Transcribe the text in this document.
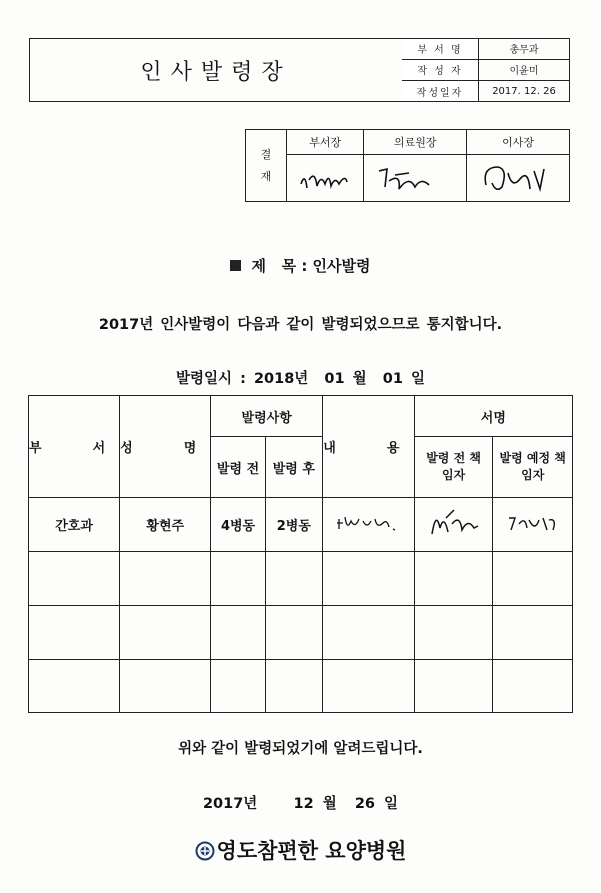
인사발령장
부 서 명	총무과
작 성 자	이윤미
작성일자	2017. 12. 26
결재	부서장	의료원장	이사장

제   목 : 인사발령
2017년 인사발령이 다음과 같이 발령되었으므로 통지합니다.
발령일시 : 2018년  01 월  01 일
부  서	성  명	발령사항		내  용	서명	
		발령 전	발령 후		발령 전 책임자	발령 예정 책임자
간호과	황현주	4병동	2병동			

위와 같이 발령되었기에 알려드립니다.
2017년    12 월  26 일
영도참편한 요양병원
